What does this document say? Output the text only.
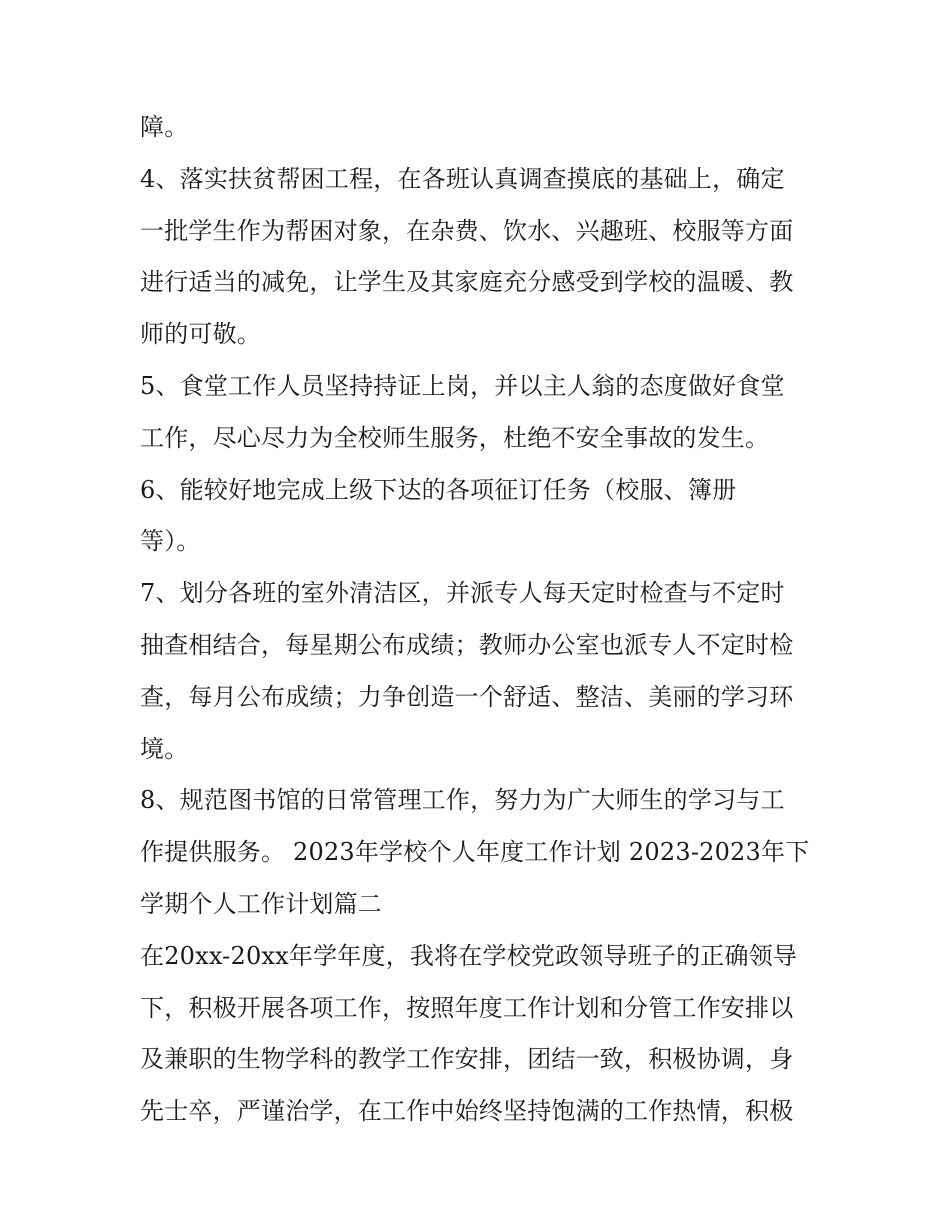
障。
4、落实扶贫帮困工程，在各班认真调查摸底的基础上，确定
一批学生作为帮困对象，在杂费、饮水、兴趣班、校服等方面
进行适当的减免，让学生及其家庭充分感受到学校的温暖、教
师的可敬。
5、食堂工作人员坚持持证上岗，并以主人翁的态度做好食堂
工作，尽心尽力为全校师生服务，杜绝不安全事故的发生。
6、能较好地完成上级下达的各项征订任务（校服、簿册
等）。
7、划分各班的室外清洁区，并派专人每天定时检查与不定时
抽查相结合，每星期公布成绩；教师办公室也派专人不定时检
查，每月公布成绩；力争创造一个舒适、整洁、美丽的学习环
境。
8、规范图书馆的日常管理工作，努力为广大师生的学习与工
作提供服务。 2023年学校个人年度工作计划 2023-2023年下
学期个人工作计划篇二
在20xx-20xx年学年度，我将在学校党政领导班子的正确领导
下，积极开展各项工作，按照年度工作计划和分管工作安排以
及兼职的生物学科的教学工作安排，团结一致，积极协调，身
先士卒，严谨治学，在工作中始终坚持饱满的工作热情，积极
